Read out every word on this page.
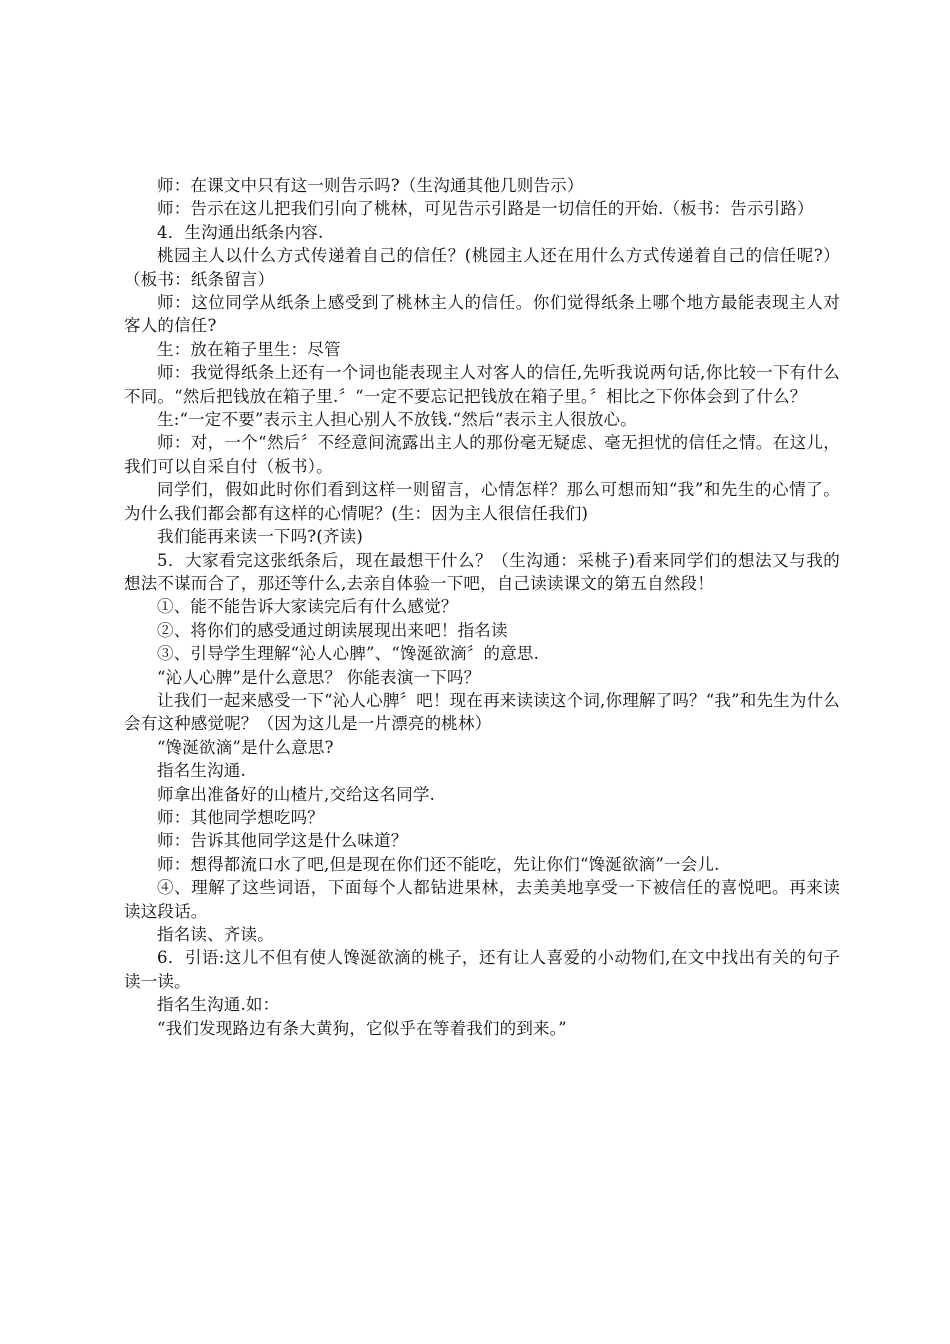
师：在课文中只有这一则告示吗?（生沟通其他几则告示）

师：告示在这儿把我们引向了桃林，可见告示引路是一切信任的开始.（板书：告示引路）

4．生沟通出纸条内容.

桃园主人以什么方式传递着自己的信任？(桃园主人还在用什么方式传递着自己的信任呢?）（板书：纸条留言）

师：这位同学从纸条上感受到了桃林主人的信任。你们觉得纸条上哪个地方最能表现主人对客人的信任?

生：放在箱子里生：尽管

师：我觉得纸条上还有一个词也能表现主人对客人的信任,先听我说两句话,你比较一下有什么不同。“然后把钱放在箱子里.〞“一定不要忘记把钱放在箱子里。〞相比之下你体会到了什么？

生:“一定不要”表示主人担心别人不放钱.“然后“表示主人很放心。

师：对，一个“然后〞不经意间流露出主人的那份毫无疑虑、毫无担忧的信任之情。在这儿，我们可以自采自付（板书）。

同学们，假如此时你们看到这样一则留言，心情怎样？那么可想而知“我”和先生的心情了。为什么我们都会都有这样的心情呢？(生：因为主人很信任我们)

我们能再来读一下吗?(齐读)

5．大家看完这张纸条后，现在最想干什么？（生沟通：采桃子)看来同学们的想法又与我的想法不谋而合了，那还等什么,去亲自体验一下吧，自己读读课文的第五自然段！

①、能不能告诉大家读完后有什么感觉？

②、将你们的感受通过朗读展现出来吧！指名读

③、引导学生理解“沁人心脾”、“馋涎欲滴〞的意思.

“沁人心脾”是什么意思？ 你能表演一下吗？

让我们一起来感受一下“沁人心脾〞吧！现在再来读读这个词,你理解了吗？“我”和先生为什么会有这种感觉呢？（因为这儿是一片漂亮的桃林）

“馋涎欲滴”是什么意思?

指名生沟通.

师拿出准备好的山楂片,交给这名同学.

师：其他同学想吃吗？

师：告诉其他同学这是什么味道？

师：想得都流口水了吧,但是现在你们还不能吃，先让你们“馋涎欲滴”一会儿.

④、理解了这些词语，下面每个人都钻进果林，去美美地享受一下被信任的喜悦吧。再来读读这段话。

指名读、齐读。

6．引语:这儿不但有使人馋涎欲滴的桃子，还有让人喜爱的小动物们,在文中找出有关的句子读一读。

指名生沟通.如：

“我们发现路边有条大黄狗，它似乎在等着我们的到来。”
